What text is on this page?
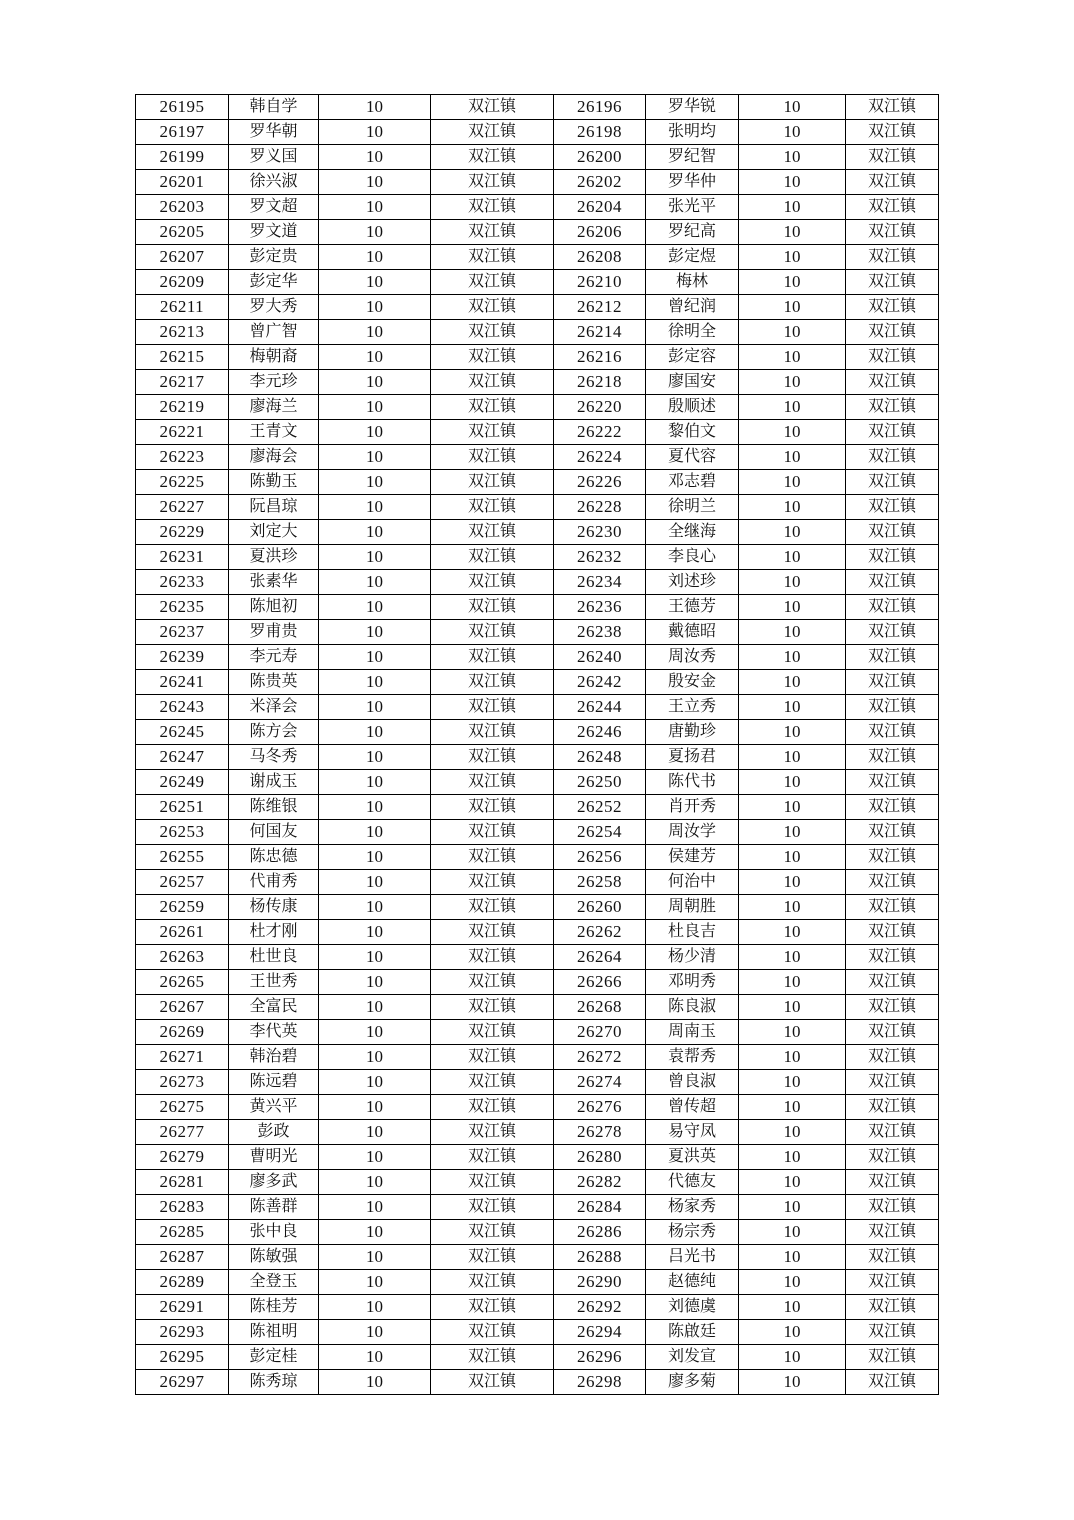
26195	韩自学	10	双江镇	26196	罗华锐	10	双江镇
26197	罗华朝	10	双江镇	26198	张明均	10	双江镇
26199	罗义国	10	双江镇	26200	罗纪智	10	双江镇
26201	徐兴淑	10	双江镇	26202	罗华仲	10	双江镇
26203	罗文超	10	双江镇	26204	张光平	10	双江镇
26205	罗文道	10	双江镇	26206	罗纪高	10	双江镇
26207	彭定贵	10	双江镇	26208	彭定煜	10	双江镇
26209	彭定华	10	双江镇	26210	梅林	10	双江镇
26211	罗大秀	10	双江镇	26212	曾纪润	10	双江镇
26213	曾广智	10	双江镇	26214	徐明全	10	双江镇
26215	梅朝裔	10	双江镇	26216	彭定容	10	双江镇
26217	李元珍	10	双江镇	26218	廖国安	10	双江镇
26219	廖海兰	10	双江镇	26220	殷顺述	10	双江镇
26221	王青文	10	双江镇	26222	黎伯文	10	双江镇
26223	廖海会	10	双江镇	26224	夏代容	10	双江镇
26225	陈勤玉	10	双江镇	26226	邓志碧	10	双江镇
26227	阮昌琼	10	双江镇	26228	徐明兰	10	双江镇
26229	刘定大	10	双江镇	26230	全继海	10	双江镇
26231	夏洪珍	10	双江镇	26232	李良心	10	双江镇
26233	张素华	10	双江镇	26234	刘述珍	10	双江镇
26235	陈旭初	10	双江镇	26236	王德芳	10	双江镇
26237	罗甫贵	10	双江镇	26238	戴德昭	10	双江镇
26239	李元寿	10	双江镇	26240	周汝秀	10	双江镇
26241	陈贵英	10	双江镇	26242	殷安金	10	双江镇
26243	米泽会	10	双江镇	26244	王立秀	10	双江镇
26245	陈方会	10	双江镇	26246	唐勤珍	10	双江镇
26247	马冬秀	10	双江镇	26248	夏扬君	10	双江镇
26249	谢成玉	10	双江镇	26250	陈代书	10	双江镇
26251	陈维银	10	双江镇	26252	肖开秀	10	双江镇
26253	何国友	10	双江镇	26254	周汝学	10	双江镇
26255	陈忠德	10	双江镇	26256	侯建芳	10	双江镇
26257	代甫秀	10	双江镇	26258	何治中	10	双江镇
26259	杨传康	10	双江镇	26260	周朝胜	10	双江镇
26261	杜才刚	10	双江镇	26262	杜良吉	10	双江镇
26263	杜世良	10	双江镇	26264	杨少清	10	双江镇
26265	王世秀	10	双江镇	26266	邓明秀	10	双江镇
26267	全富民	10	双江镇	26268	陈良淑	10	双江镇
26269	李代英	10	双江镇	26270	周南玉	10	双江镇
26271	韩治碧	10	双江镇	26272	袁帮秀	10	双江镇
26273	陈远碧	10	双江镇	26274	曾良淑	10	双江镇
26275	黄兴平	10	双江镇	26276	曾传超	10	双江镇
26277	彭政	10	双江镇	26278	易守凤	10	双江镇
26279	曹明光	10	双江镇	26280	夏洪英	10	双江镇
26281	廖多武	10	双江镇	26282	代德友	10	双江镇
26283	陈善群	10	双江镇	26284	杨家秀	10	双江镇
26285	张中良	10	双江镇	26286	杨宗秀	10	双江镇
26287	陈敏强	10	双江镇	26288	吕光书	10	双江镇
26289	全登玉	10	双江镇	26290	赵德纯	10	双江镇
26291	陈桂芳	10	双江镇	26292	刘德虞	10	双江镇
26293	陈祖明	10	双江镇	26294	陈啟廷	10	双江镇
26295	彭定桂	10	双江镇	26296	刘发宣	10	双江镇
26297	陈秀琼	10	双江镇	26298	廖多菊	10	双江镇
